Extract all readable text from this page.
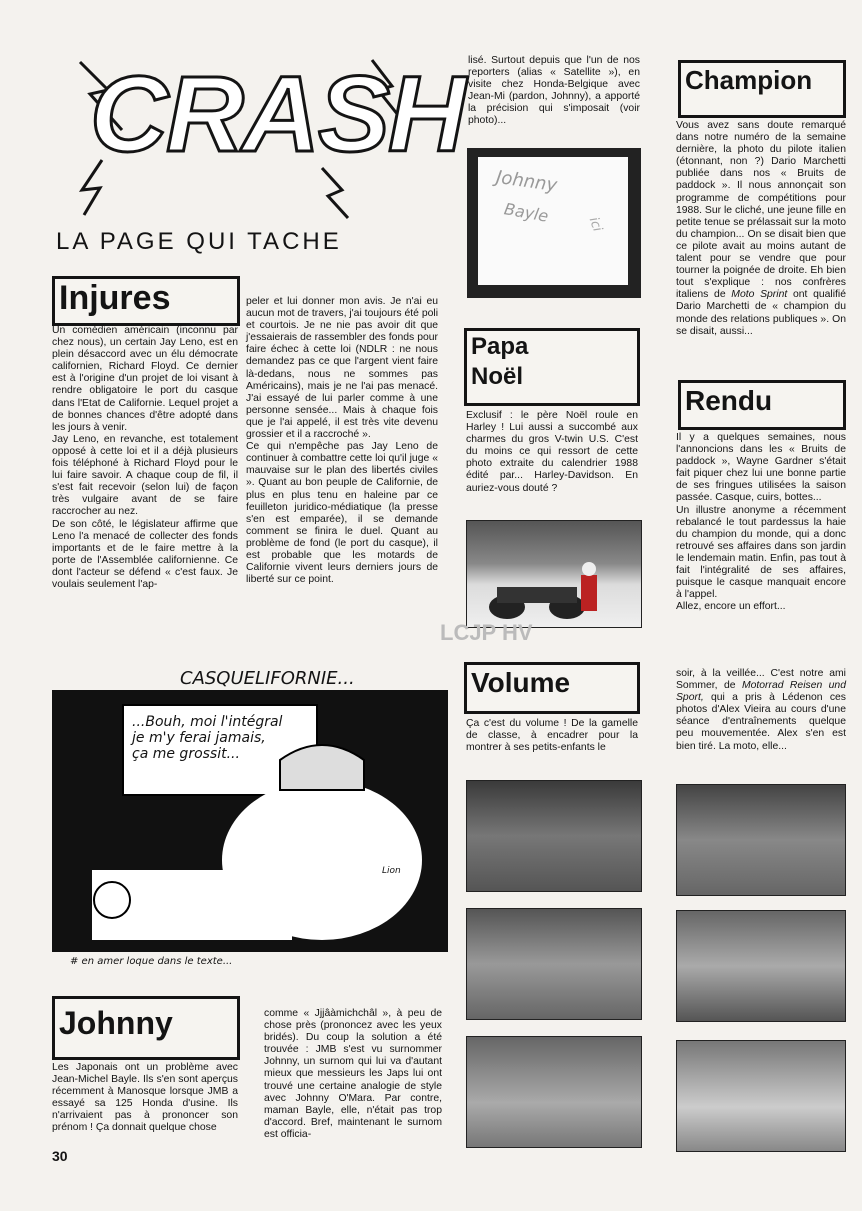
CRASH
LA PAGE QUI TACHE
Injures

Un comédien américain (inconnu par chez nous), un certain Jay Leno, est en plein désaccord avec un élu démocrate californien, Richard Floyd. Ce dernier est à l'origine d'un projet de loi visant à rendre obligatoire le port du casque dans l'Etat de Californie. Lequel projet a de bonnes chances d'être adopté dans les jours à venir.

Jay Leno, en revanche, est totalement opposé à cette loi et il a déjà plusieurs fois téléphoné à Richard Floyd pour le lui faire savoir. A chaque coup de fil, il s'est fait recevoir (selon lui) de façon très vulgaire avant de se faire raccrocher au nez.

De son côté, le législateur affirme que Leno l'a menacé de collecter des fonds importants et de le faire mettre à la porte de l'Assemblée californienne. Ce dont l'acteur se défend « c'est faux. Je voulais seulement l'ap-

peler et lui donner mon avis. Je n'ai eu aucun mot de travers, j'ai toujours été poli et courtois. Je ne nie pas avoir dit que j'essaierais de rassembler des fonds pour faire échec à cette loi (NDLR : ne nous demandez pas ce que l'argent vient faire là-dedans, nous ne sommes pas Américains), mais je ne l'ai pas menacé. J'ai essayé de lui parler comme à une personne sensée... Mais à chaque fois que je l'ai appelé, il est très vite devenu grossier et il a raccroché ».

Ce qui n'empêche pas Jay Leno de continuer à combattre cette loi qu'il juge « mauvaise sur le plan des libertés civiles ». Quant au bon peuple de Californie, de plus en plus tenu en haleine par ce feuilleton juridico-médiatique (la presse s'en est emparée), il se demande comment se finira le duel. Quant au problème de fond (le port du casque), il est probable que les motards de Californie vivent leurs derniers jours de liberté sur ce point.

lisé. Surtout depuis que l'un de nos reporters (alias « Satellite »), en visite chez Honda-Belgique avec Jean-Mi (pardon, Johnny), a apporté la précision qui s'imposait (voir photo)...
Johnny
Bayle	ici
Papa
Noël
Exclusif : le père Noël roule en Harley ! Lui aussi a succombé aux charmes du gros V-twin U.S. C'est du moins ce qui ressort de cette photo extraite du calendrier 1988 édité par... Harley-Davidson. En auriez-vous douté ?
Champion
Vous avez sans doute remarqué dans notre numéro de la semaine dernière, la photo du pilote italien (étonnant, non ?) Dario Marchetti publiée dans nos « Bruits de paddock ». Il nous annonçait son programme de compétitions pour 1988. Sur le cliché, une jeune fille en petite tenue se prélassait sur la moto du champion... On se disait bien que ce pilote avait au moins autant de talent pour se vendre que pour tourner la poignée de droite. Eh bien tout s'explique : nos confrères italiens de Moto Sprint ont qualifié Dario Marchetti de « champion du monde des relations publiques ». On se disait, aussi...
Rendu

Il y a quelques semaines, nous l'annoncions dans les « Bruits de paddock », Wayne Gardner s'était fait piquer chez lui une bonne partie de ses fringues utilisées la saison passée. Casque, cuirs, bottes...

Un illustre anonyme a récemment rebalancé le tout pardessus la haie du champion du monde, qui a donc retrouvé ses affaires dans son jardin le lendemain matin. Enfin, pas tout à fait l'intégralité de ses affaires, puisque le casque manquait encore à l'appel.

Allez, encore un effort...

LCJP HV
CASQUELIFORNIE...
...Bouh, moi l'intégral
je m'y ferai jamais,
ça me grossit...
Lion
# en amer loque dans le texte...
Volume
Ça c'est du volume ! De la gamelle de classe, à encadrer pour la montrer à ses petits-enfants le
soir, à la veillée... C'est notre ami Sommer, de Motorrad Reisen und Sport, qui a pris à Lédenon ces photos d'Alex Vieira au cours d'une séance d'entraînements quelque peu mouvementée. Alex s'en est bien tiré. La moto, elle...
Johnny
Les Japonais ont un problème avec Jean-Michel Bayle. Ils s'en sont aperçus récemment à Manosque lorsque JMB a essayé sa 125 Honda d'usine. Ils n'arrivaient pas à prononcer son prénom ! Ça donnait quelque chose
comme « Jjjâàmichchâl », à peu de chose près (prononcez avec les yeux bridés). Du coup la solution a été trouvée : JMB s'est vu surnommer Johnny, un surnom qui lui va d'autant mieux que messieurs les Japs lui ont trouvé une certaine analogie de style avec Johnny O'Mara. Par contre, maman Bayle, elle, n'était pas trop d'accord. Bref, maintenant le surnom est officia-
30
